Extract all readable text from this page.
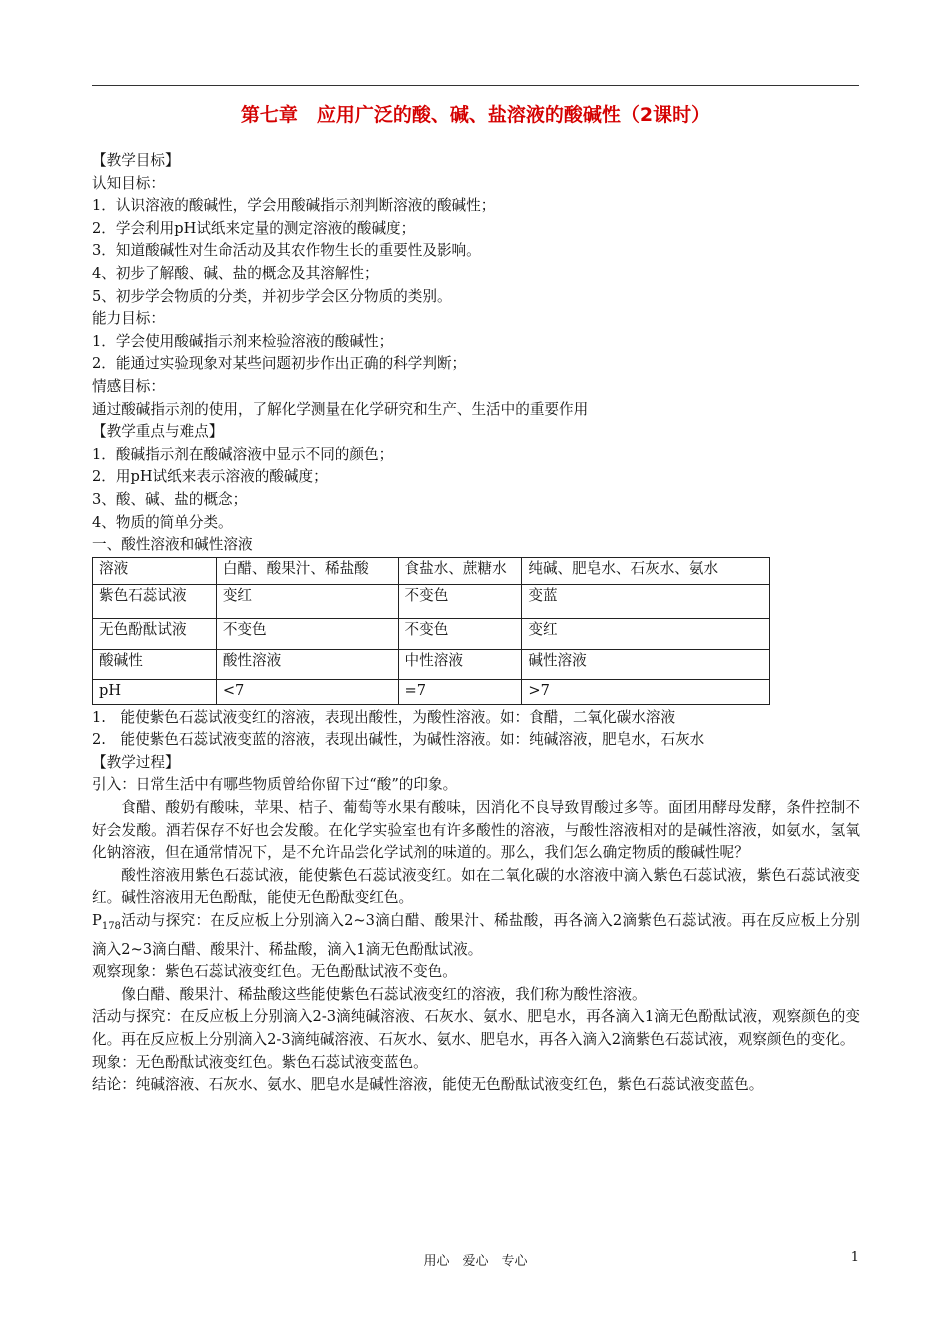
第七章　应用广泛的酸、碱、盐溶液的酸碱性（2课时）
【教学目标】
认知目标：
1．认识溶液的酸碱性，学会用酸碱指示剂判断溶液的酸碱性；
2．学会利用pH试纸来定量的测定溶液的酸碱度；
3．知道酸碱性对生命活动及其农作物生长的重要性及影响。
4、初步了解酸、碱、盐的概念及其溶解性；
5、初步学会物质的分类，并初步学会区分物质的类别。
能力目标：
1．学会使用酸碱指示剂来检验溶液的酸碱性；
2．能通过实验现象对某些问题初步作出正确的科学判断；
情感目标：
通过酸碱指示剂的使用，了解化学测量在化学研究和生产、生活中的重要作用
【教学重点与难点】
1．酸碱指示剂在酸碱溶液中显示不同的颜色；
2．用pH试纸来表示溶液的酸碱度；
3、酸、碱、盐的概念；
4、物质的简单分类。
一、酸性溶液和碱性溶液
溶液	白醋、酸果汁、稀盐酸	食盐水、蔗糖水	纯碱、肥皂水、石灰水、氨水
紫色石蕊试液	变红	不变色	变蓝
无色酚酞试液	不变色	不变色	变红
酸碱性	酸性溶液	中性溶液	碱性溶液
pH	<7	=7	>7
1.　能使紫色石蕊试液变红的溶液，表现出酸性，为酸性溶液。如：食醋，二氧化碳水溶液
2.　能使紫色石蕊试液变蓝的溶液，表现出碱性，为碱性溶液。如：纯碱溶液，肥皂水，石灰水
【教学过程】
引入：日常生活中有哪些物质曾给你留下过“酸”的印象。
食醋、酸奶有酸味，苹果、桔子、葡萄等水果有酸味，因消化不良导致胃酸过多等。面团用酵母发酵，条件控制不好会发酸。酒若保存不好也会发酸。在化学实验室也有许多酸性的溶液，与酸性溶液相对的是碱性溶液，如氨水，氢氧化钠溶液，但在通常情况下，是不允许品尝化学试剂的味道的。那么，我们怎么确定物质的酸碱性呢？
酸性溶液用紫色石蕊试液，能使紫色石蕊试液变红。如在二氧化碳的水溶液中滴入紫色石蕊试液，紫色石蕊试液变红。碱性溶液用无色酚酞，能使无色酚酞变红色。
$P_{178}$活动与探究：在反应板上分别滴入2~3滴白醋、酸果汁、稀盐酸，再各滴入2滴紫色石蕊试液。再在反应板上分别滴入2~3滴白醋、酸果汁、稀盐酸，滴入1滴无色酚酞试液。
观察现象：紫色石蕊试液变红色。无色酚酞试液不变色。
像白醋、酸果汁、稀盐酸这些能使紫色石蕊试液变红的溶液，我们称为酸性溶液。
活动与探究：在反应板上分别滴入2-3滴纯碱溶液、石灰水、氨水、肥皂水，再各滴入1滴无色酚酞试液，观察颜色的变化。再在反应板上分别滴入2-3滴纯碱溶液、石灰水、氨水、肥皂水，再各入滴入2滴紫色石蕊试液，观察颜色的变化。
现象：无色酚酞试液变红色。紫色石蕊试液变蓝色。
结论：纯碱溶液、石灰水、氨水、肥皂水是碱性溶液，能使无色酚酞试液变红色，紫色石蕊试液变蓝色。
用心　爱心　专心	1
